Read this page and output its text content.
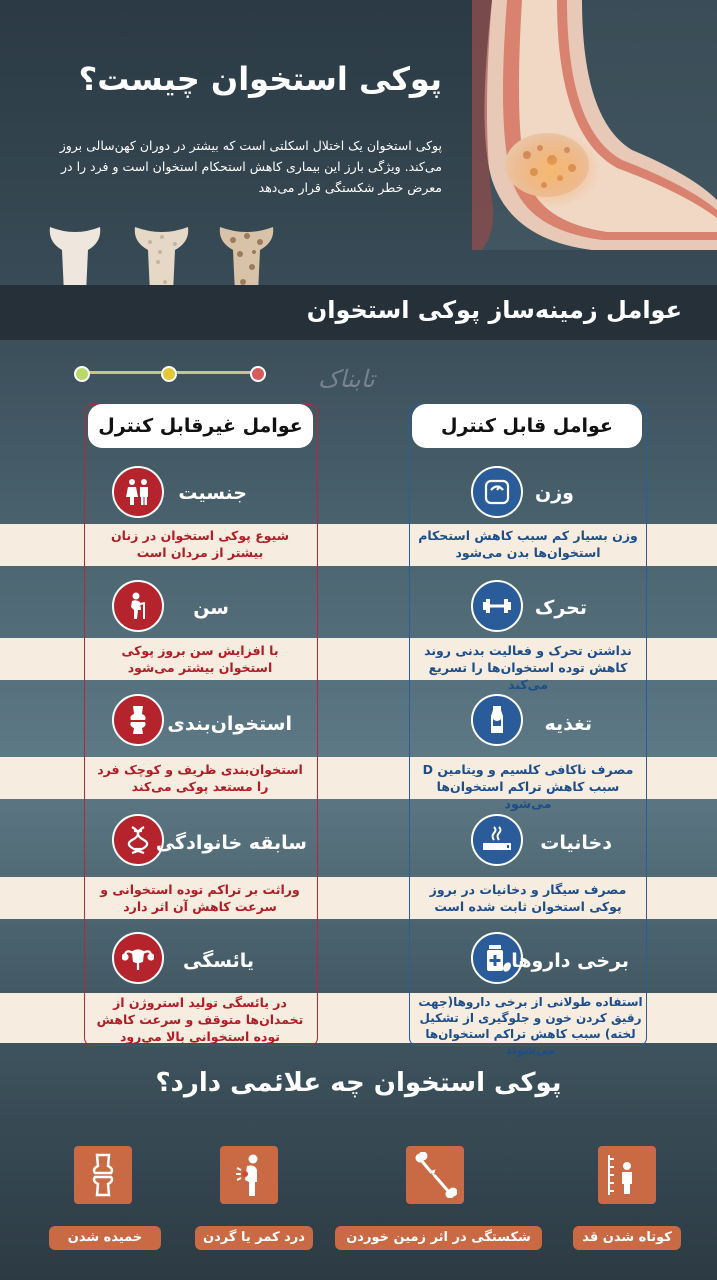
پوکی استخوان چیست؟
پوکی استخوان یک اختلال اسکلتی است که بیشتر در دوران کهن‌سالی بروز می‌کند. ویژگی بارز این بیماری کاهش استحکام استخوان است و فرد را در معرض خطر شکستگی قرار می‌دهد
عوامل زمینه‌ساز پوکی استخوان
تابناک
عوامل غیرقابل کنترل	عوامل قابل کنترل
جنسیت
شیوع پوکی استخوان در زنان بیشتر از مردان است
سن
با افزایش سن بروز پوکی استخوان بیشتر می‌شود
استخوان‌بندی
استخوان‌بندی ظریف و کوچک فرد را مستعد پوکی می‌کند
سابقه خانوادگی
وراثت بر تراکم توده استخوانی و سرعت کاهش آن اثر دارد
یائسگی
در یائسگی تولید استروژن از تخمدان‌ها متوقف و سرعت کاهش توده استخوانی بالا می‌رود
وزن
وزن بسیار کم سبب کاهش استحکام استخوان‌ها بدن می‌شود
تحرک
نداشتن تحرک و فعالیت بدنی روند کاهش توده استخوان‌ها را تسریع می‌کند
تغذیه
مصرف ناکافی کلسیم و ویتامین D سبب کاهش تراکم استخوان‌ها می‌شود
دخانیات
مصرف سیگار و دخانیات در بروز پوکی استخوان ثابت شده است
برخی داروها
استفاده طولانی از برخی داروها(جهت رقیق کردن خون و جلوگیری از تشکیل لخته) سبب کاهش تراکم استخوان‌ها می‌شوند
پوکی استخوان چه علائمی دارد؟
کوتاه شدن قد
شکستگی در اثر زمین خوردن
درد کمر یا گردن
خمیده شدن
